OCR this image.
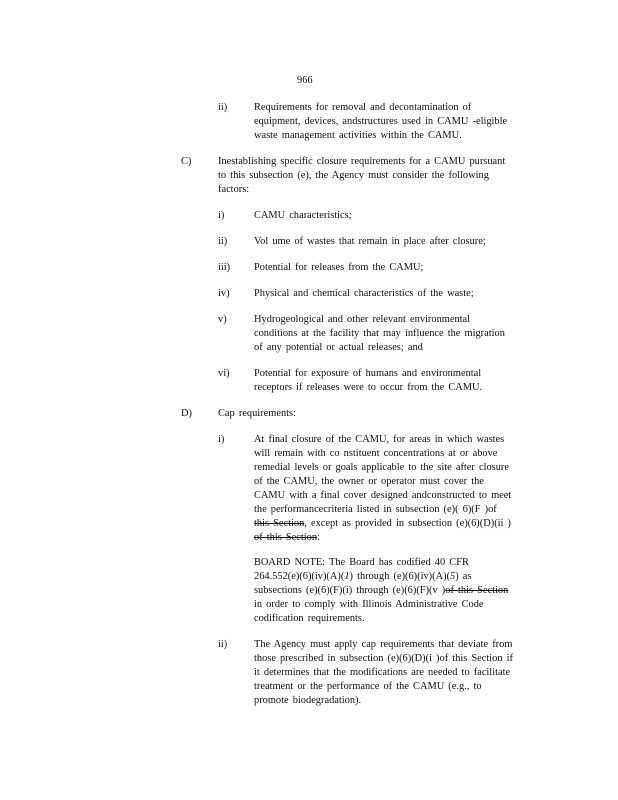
966
ii)	Requirements for removal and decontamination of

equipment, devices, andstructures used in CAMU -eligible

waste management activities within the CAMU.

C)	Inestablishing specific closure requirements for a CAMU pursuant

to this subsection (e), the Agency must consider the following

factors:

i)	CAMU characteristics;

ii)	Vol ume of wastes that remain in place after closure;

iii) Potential for releases from the CAMU;

iv) Physical and chemical characteristics of the waste;

v)	Hydrogeological and other relevant environmental

conditions at the facility that may influence the migration

of any potential or actual releases; and

vi) Potential for exposure of humans and environmental

receptors if releases were to occur from the CAMU.

D)	Cap requirements:
i)	At final closure of the CAMU, for areas in which wastes

will remain with co nstituent concentrations at or above

remedial levels or goals applicable to the site after closure

of the CAMU, the owner or operator must cover the

CAMU with a final cover designed andconstructed to meet

the performancecriteria listed in subsection (e)( 6)(F )of

this Section, except as provided in subsection (e)(6)(D)(ii )

of this Section:

BOARD NOTE: The Board has codified 40 CFR

264.552(e)(6)(iv)(A)(1) through (e)(6)(iv)(A)(5) as

subsections (e)(6)(F)(i) through (e)(6)(F)(v )of this Section

in order to comply with Illinois Administrative Code

codification requirements.

ii)	The Agency must apply cap requirements that deviate from

those prescribed in subsection (e)(6)(D)(i )of this Section if

it determines that the modifications are needed to facilitate

treatment or the performance of the CAMU (e.g., to

promote biodegradation).
